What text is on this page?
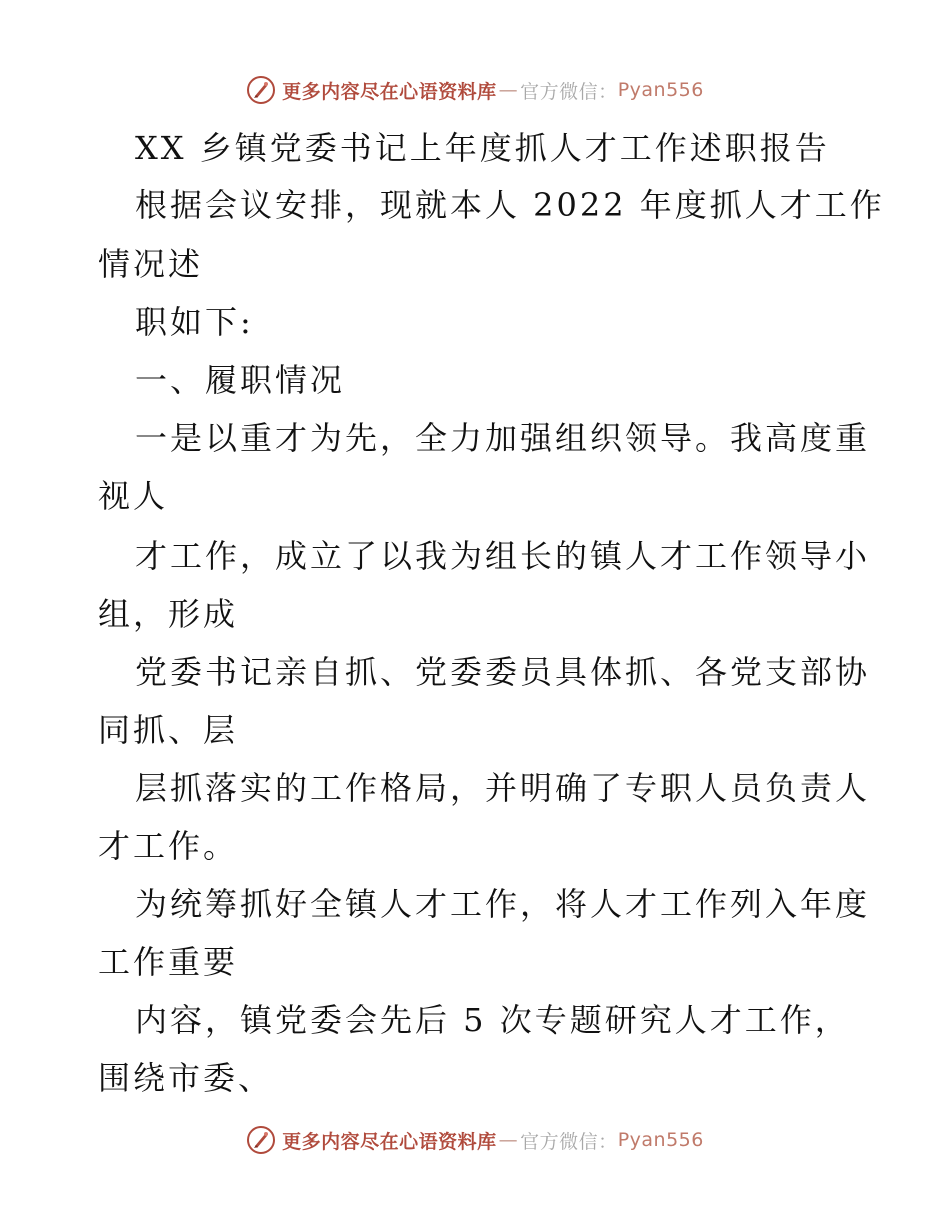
更多内容尽在心语资料库 — 官方微信： Pyan556
XX 乡镇党委书记上年度抓人才工作述职报告
根据会议安排，现就本人 2022 年度抓人才工作
情况述
职如下:
一、履职情况
一是以重才为先，全力加强组织领导。我高度重
视人
才工作，成立了以我为组长的镇人才工作领导小
组，形成
党委书记亲自抓、党委委员具体抓、各党支部协
同抓、层
层抓落实的工作格局，并明确了专职人员负责人
才工作。
为统筹抓好全镇人才工作，将人才工作列入年度
工作重要
内容，镇党委会先后 5 次专题研究人才工作，
围绕市委、
更多内容尽在心语资料库 — 官方微信： Pyan556
